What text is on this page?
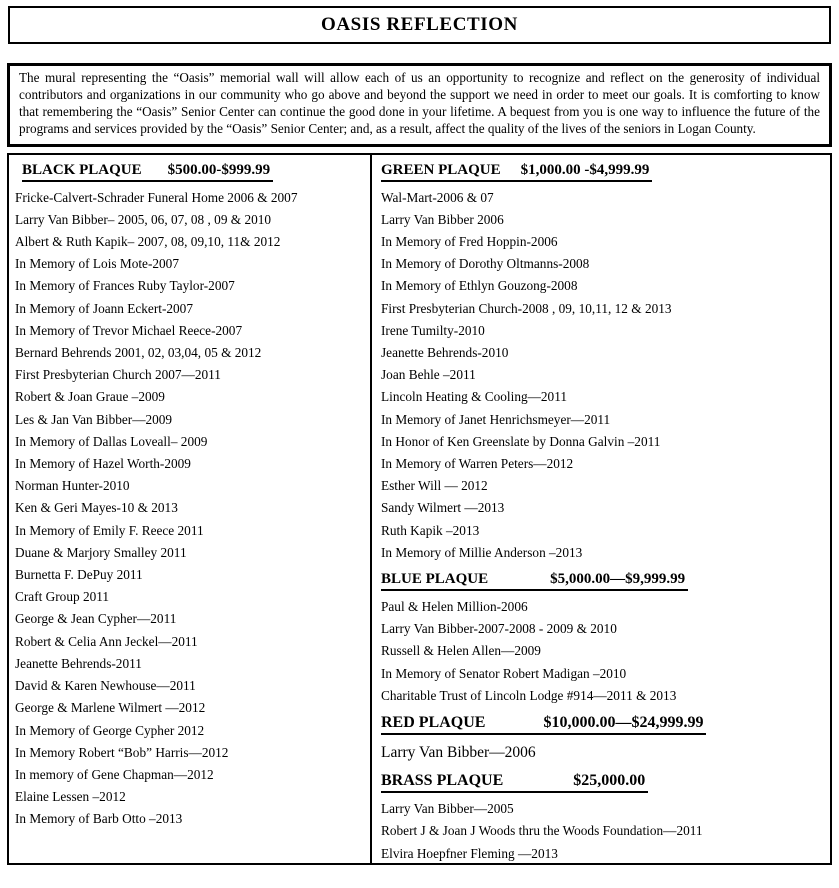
OASIS REFLECTION

The mural representing the “Oasis” memorial wall will allow each of us an opportunity to recognize and reflect on the generosity of individual contributors and organizations in our community who go above and beyond the support we need in order to meet our goals. It is comforting to know that remembering the “Oasis” Senior Center can continue the good done in your lifetime. A bequest from you is one way to influence the future of the programs and services provided by the “Oasis” Senior Center; and, as a result, affect the quality of the lives of the seniors in Logan County.

BLACK PLAQUE $500.00-$999.99
Fricke-Calvert-Schrader Funeral Home 2006 & 2007
Larry Van Bibber– 2005, 06, 07, 08 , 09 & 2010
Albert & Ruth Kapik– 2007, 08, 09,10, 11& 2012
In Memory of Lois Mote-2007
In Memory of Frances Ruby Taylor-2007
In Memory of Joann Eckert-2007
In Memory of Trevor Michael Reece-2007
Bernard Behrends 2001, 02, 03,04, 05 & 2012
First Presbyterian Church 2007—2011
Robert & Joan Graue –2009
Les & Jan Van Bibber—2009
In Memory of Dallas Loveall– 2009
In Memory of Hazel Worth-2009
Norman Hunter-2010
Ken & Geri Mayes-10 & 2013
In Memory of Emily F. Reece 2011
Duane & Marjory Smalley 2011
Burnetta F. DePuy 2011
Craft Group 2011
George & Jean Cypher—2011
Robert & Celia Ann Jeckel—2011
Jeanette Behrends-2011
David & Karen Newhouse—2011
George & Marlene Wilmert —2012
In Memory of George Cypher 2012
In Memory Robert “Bob” Harris—2012
In memory of Gene Chapman—2012
Elaine Lessen –2012
In Memory of Barb Otto –2013
GREEN PLAQUE $1,000.00 -$4,999.99
Wal-Mart-2006 & 07
Larry Van Bibber 2006
In Memory of Fred Hoppin-2006
In Memory of Dorothy Oltmanns-2008
In Memory of Ethlyn Gouzong-2008
First Presbyterian Church-2008 , 09, 10,11, 12 & 2013
Irene Tumilty-2010
Jeanette Behrends-2010
Joan Behle –2011
Lincoln Heating & Cooling—2011
In Memory of Janet Henrichsmeyer—2011
In Honor of Ken Greenslate by Donna Galvin –2011
In Memory of Warren Peters—2012
Esther Will — 2012
Sandy Wilmert —2013
Ruth Kapik –2013
In Memory of Millie Anderson –2013
BLUE PLAQUE	$5,000.00—$9,999.99
Paul & Helen Million-2006
Larry Van Bibber-2007-2008 - 2009 & 2010
Russell & Helen Allen—2009
In Memory of Senator Robert Madigan –2010
Charitable Trust of Lincoln Lodge #914—2011 & 2013
RED PLAQUE	$10,000.00—$24,999.99
Larry Van Bibber—2006
BRASS PLAQUE	$25,000.00
Larry Van Bibber—2005
Robert J & Joan J Woods thru the Woods Foundation—2011
Elvira Hoepfner Fleming —2013
